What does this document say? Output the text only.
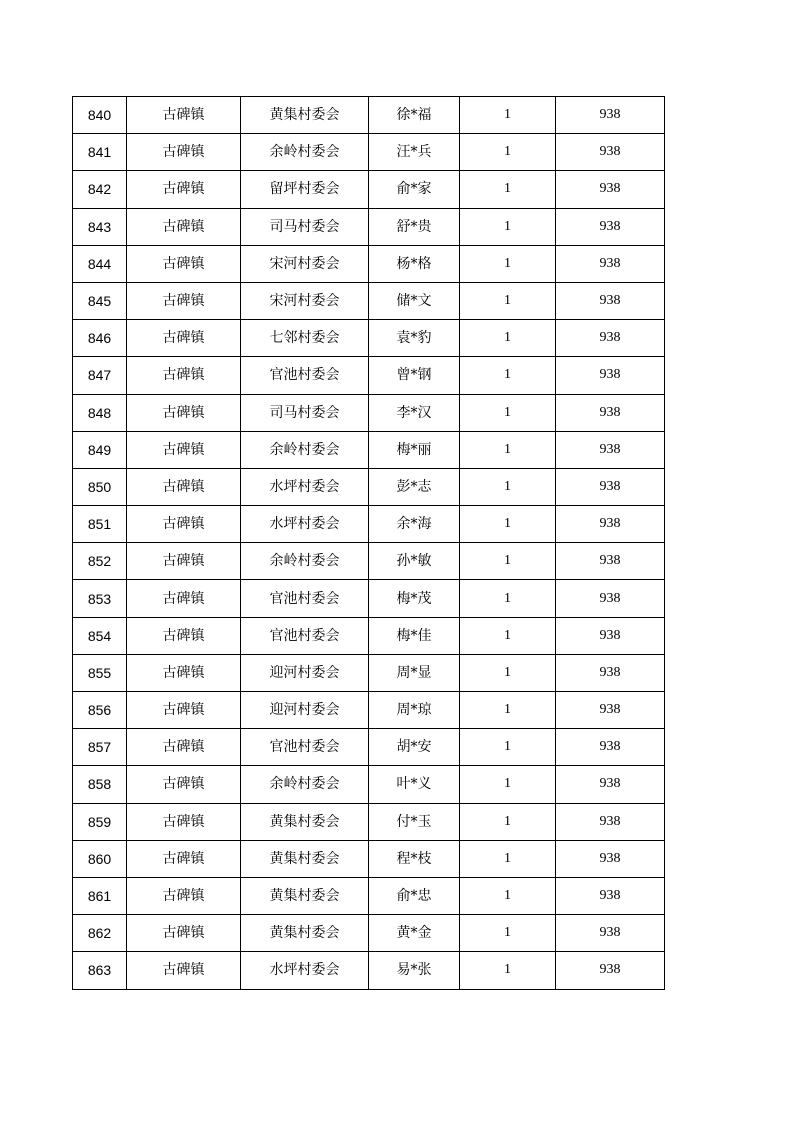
840	古碑镇	黄集村委会	徐*福	1	938
841	古碑镇	余岭村委会	汪*兵	1	938
842	古碑镇	留坪村委会	俞*家	1	938
843	古碑镇	司马村委会	舒*贵	1	938
844	古碑镇	宋河村委会	杨*格	1	938
845	古碑镇	宋河村委会	储*文	1	938
846	古碑镇	七邻村委会	袁*豹	1	938
847	古碑镇	官池村委会	曾*钢	1	938
848	古碑镇	司马村委会	李*汉	1	938
849	古碑镇	余岭村委会	梅*丽	1	938
850	古碑镇	水坪村委会	彭*志	1	938
851	古碑镇	水坪村委会	余*海	1	938
852	古碑镇	余岭村委会	孙*敏	1	938
853	古碑镇	官池村委会	梅*茂	1	938
854	古碑镇	官池村委会	梅*佳	1	938
855	古碑镇	迎河村委会	周*显	1	938
856	古碑镇	迎河村委会	周*琼	1	938
857	古碑镇	官池村委会	胡*安	1	938
858	古碑镇	余岭村委会	叶*义	1	938
859	古碑镇	黄集村委会	付*玉	1	938
860	古碑镇	黄集村委会	程*枝	1	938
861	古碑镇	黄集村委会	俞*忠	1	938
862	古碑镇	黄集村委会	黄*金	1	938
863	古碑镇	水坪村委会	易*张	1	938
